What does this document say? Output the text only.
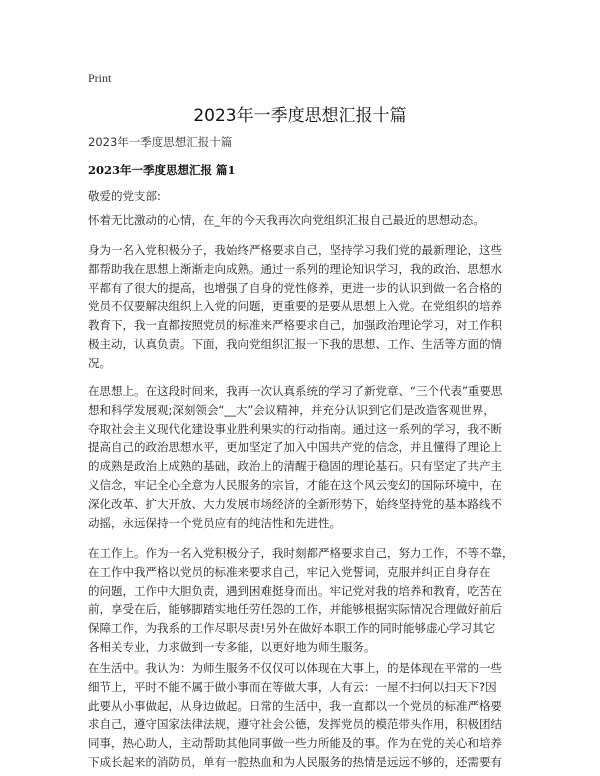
Print
2023年一季度思想汇报十篇
2023年一季度思想汇报十篇
2023年一季度思想汇报 篇1
敬爱的党支部:
怀着无比激动的心情，在_年的今天我再次向党组织汇报自己最近的思想动态。
身为一名入党积极分子，我始终严格要求自己，坚持学习我们党的最新理论，这些
都帮助我在思想上渐渐走向成熟。通过一系列的理论知识学习，我的政治、思想水
平都有了很大的提高，也增强了自身的党性修养，更进一步的认识到做一名合格的
党员不仅要解决组织上入党的问题，更重要的是要从思想上入党。在党组织的培养
教育下，我一直都按照党员的标准来严格要求自己，加强政治理论学习，对工作积
极主动，认真负责。下面，我向党组织汇报一下我的思想、工作、生活等方面的情
况。
在思想上。在这段时间来，我再一次认真系统的学习了新党章、“三个代表”重要思
想和科学发展观;深刻领会“__大”会议精神，并充分认识到它们是改造客观世界，
夺取社会主义现代化建设事业胜利果实的行动指南。通过这一系列的学习，我不断
提高自己的政治思想水平，更加坚定了加入中国共产党的信念，并且懂得了理论上
的成熟是政治上成熟的基础，政治上的清醒于稳固的理论基石。只有坚定了共产主
义信念，牢记全心全意为人民服务的宗旨，才能在这个风云变幻的国际环境中，在
深化改革、扩大开放、大力发展市场经济的全新形势下，始终坚持党的基本路线不
动摇，永远保持一个党员应有的纯洁性和先进性。
在工作上。作为一名入党积极分子，我时刻都严格要求自己，努力工作，不等不靠，
在工作中我严格以党员的标准来要求自己，牢记入党誓词，克服并纠正自身存在
的问题，工作中大胆负责，遇到困难挺身而出。牢记党对我的培养和教育，吃苦在
前，享受在后，能够脚踏实地任劳任怨的工作，并能够根据实际情况合理做好前后
保障工作，为我系的工作尽职尽责!另外在做好本职工作的同时能够虚心学习其它
各相关专业，力求做到一专多能，以更好地为师生服务。
在生活中。我认为：为师生服务不仅仅可以体现在大事上，的是体现在平常的一些
细节上，平时不能不属于做小事而在等做大事，人有云：一屋不扫何以扫天下?因
此要从小事做起，从身边做起。日常的生活中，我一直都以一个党员的标准严格要
求自己，遵守国家法律法规，遵守社会公德，发挥党员的模范带头作用，积极团结
同事，热心助人，主动帮助其他同事做一些力所能及的事。作为在党的关心和培养
下成长起来的消防员，单有一腔热血和为人民服务的热情是远远不够的，还需要有
